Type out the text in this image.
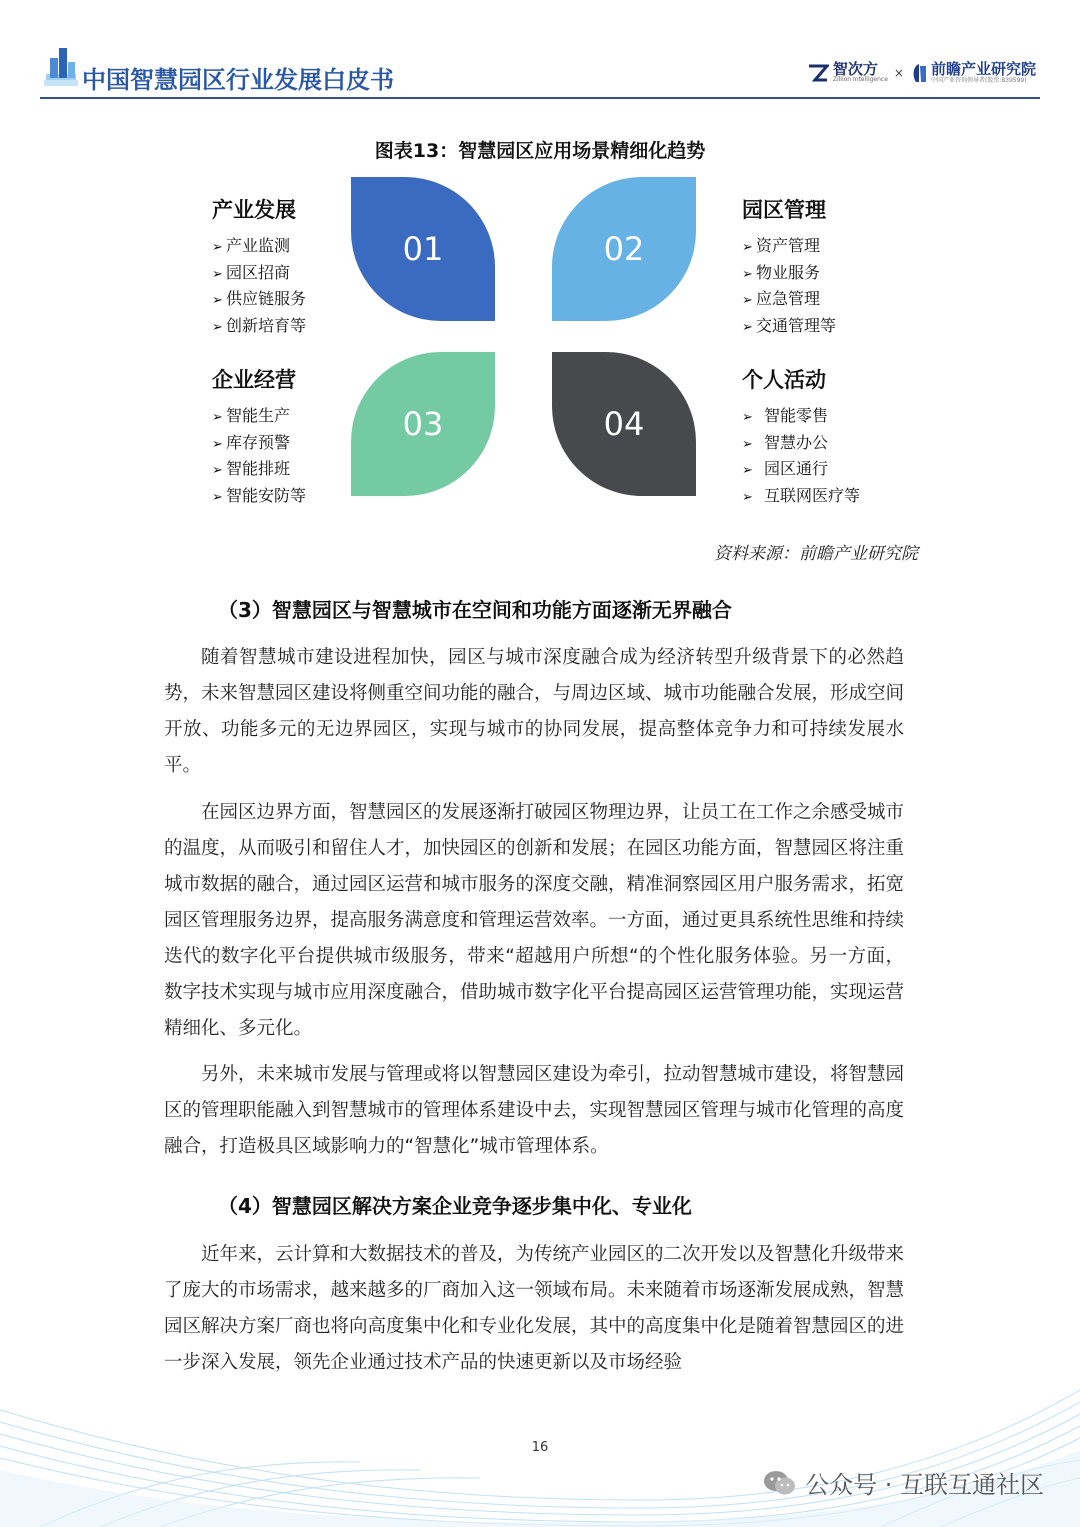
中国智慧园区行业发展白皮书	智次方
Zillion Intelligence × 前瞻产业研究院
中国产业咨询领导者(股票:839599)
图表13：智慧园区应用场景精细化趋势
01	02
03	04
产业发展
➢ 产业监测
➢ 园区招商
➢ 供应链服务
➢ 创新培育等
园区管理
➢ 资产管理
➢ 物业服务
➢ 应急管理
➢ 交通管理等
企业经营
➢ 智能生产
➢ 库存预警
➢ 智能排班
➢ 智能安防等
个人活动
➢ 智能零售
➢ 智慧办公
➢ 园区通行
➢ 互联网医疗等
资料来源：前瞻产业研究院
（3）智慧园区与智慧城市在空间和功能方面逐渐无界融合
随着智慧城市建设进程加快，园区与城市深度融合成为经济转型升级背景下的必然趋势，未来智慧园区建设将侧重空间功能的融合，与周边区域、城市功能融合发展，形成空间开放、功能多元的无边界园区，实现与城市的协同发展，提高整体竞争力和可持续发展水平。
在园区边界方面，智慧园区的发展逐渐打破园区物理边界，让员工在工作之余感受城市的温度，从而吸引和留住人才，加快园区的创新和发展；在园区功能方面，智慧园区将注重城市数据的融合，通过园区运营和城市服务的深度交融，精准洞察园区用户服务需求，拓宽园区管理服务边界，提高服务满意度和管理运营效率。一方面，通过更具系统性思维和持续迭代的数字化平台提供城市级服务，带来“超越用户所想“的个性化服务体验。另一方面，数字技术实现与城市应用深度融合，借助城市数字化平台提高园区运营管理功能，实现运营精细化、多元化。
另外，未来城市发展与管理或将以智慧园区建设为牵引，拉动智慧城市建设，将智慧园区的管理职能融入到智慧城市的管理体系建设中去，实现智慧园区管理与城市化管理的高度融合，打造极具区域影响力的“智慧化”城市管理体系。
（4）智慧园区解决方案企业竞争逐步集中化、专业化
近年来，云计算和大数据技术的普及，为传统产业园区的二次开发以及智慧化升级带来了庞大的市场需求，越来越多的厂商加入这一领域布局。未来随着市场逐渐发展成熟，智慧园区解决方案厂商也将向高度集中化和专业化发展，其中的高度集中化是随着智慧园区的进一步深入发展，领先企业通过技术产品的快速更新以及市场经验
16
公众号 · 互联互通社区
